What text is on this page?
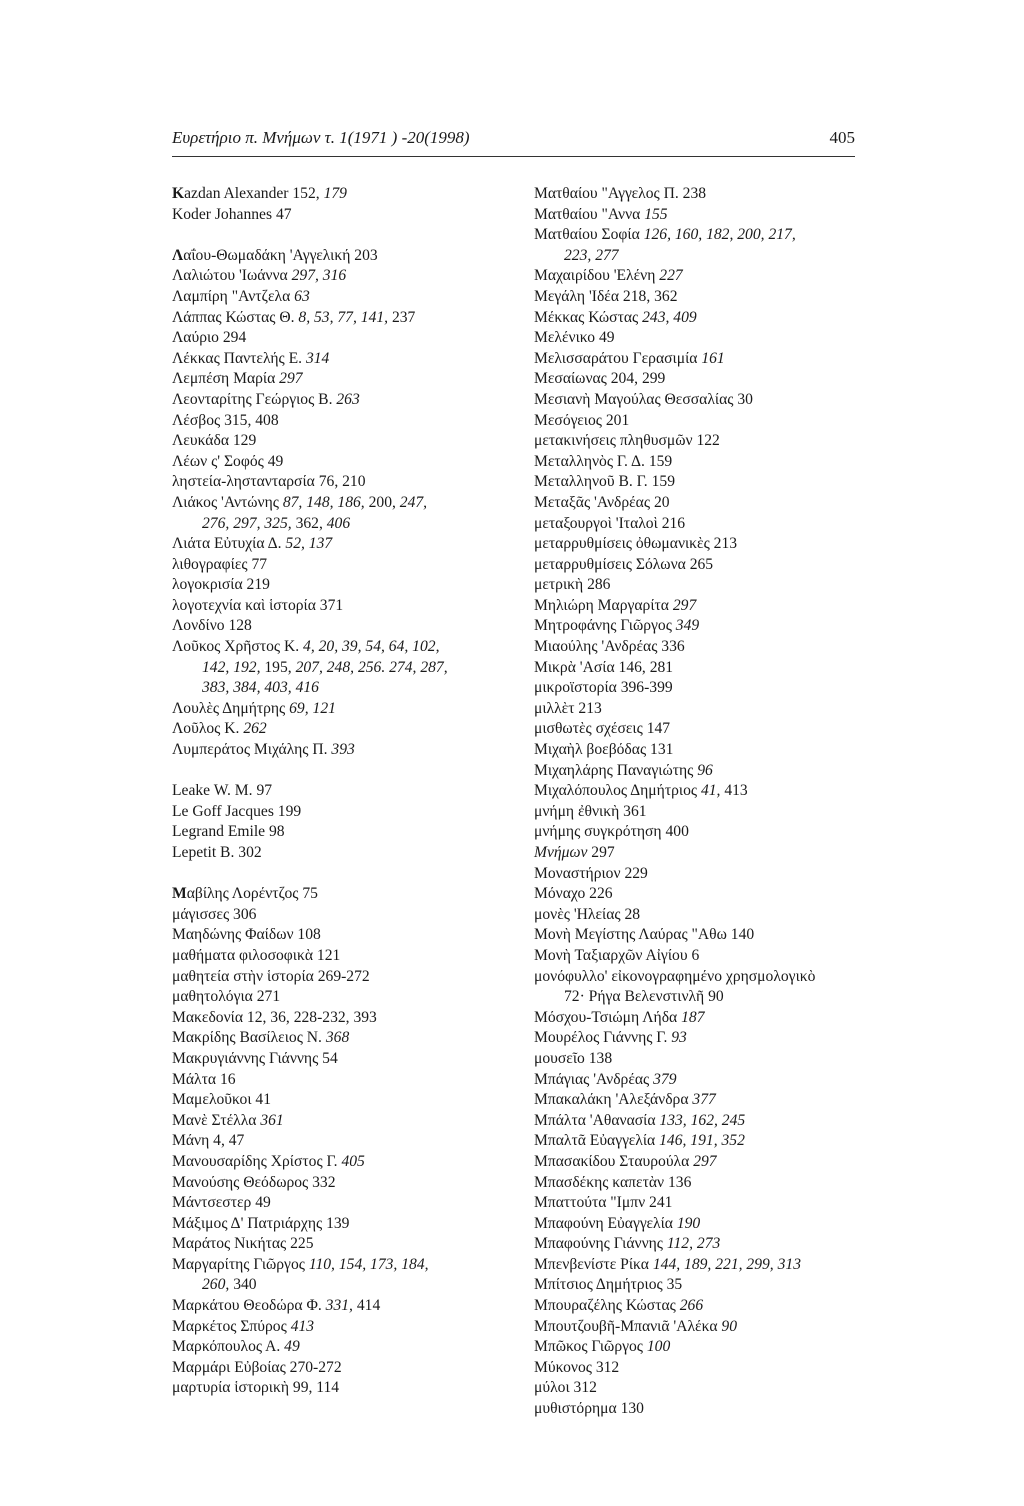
Ευρετήριο π. Μνήμων τ. 1(1971 ) -20(1998)	405
Kazdan Alexander 152, 179
Koder Johannes 47
Λαΐου-Θωμαδάκη 'Αγγελική 203
Λαλιώτου 'Ιωάννα 297, 316
Λαμπίρη "Αντζελα 63
Λάππας Κώστας Θ. 8, 53, 77, 141, 237
Λαύριο 294
Λέκκας Παντελής Ε. 314
Λεμπέση Μαρία 297
Λεονταρίτης Γεώργιος Β. 263
Λέσβος 315, 408
Λευκάδα 129
Λέων ς' Σοφός 49
ληστεία-ληστανταρσία 76, 210
Λιάκος 'Αντώνης 87, 148, 186, 200, 247,
276, 297, 325, 362, 406
Λιάτα Εὐτυχία Δ. 52, 137
λιθογραφίες 77
λογοκρισία 219
λογοτεχνία καὶ ἱστορία 371
Λονδίνο 128
Λοῦκος Χρῆστος Κ. 4, 20, 39, 54, 64, 102,
142, 192, 195, 207, 248, 256. 274, 287,
383, 384, 403, 416
Λουλὲς Δημήτρης 69, 121
Λοῦλος Κ. 262
Λυμπεράτος Μιχάλης Π. 393
Leake W. M. 97
Le Goff Jacques 199
Legrand Emile 98
Lepetit B. 302
Μαβίλης Λορέντζος 75
μάγισσες 306
Μαηδώνης Φαίδων 108
μαθήματα φιλοσοφικὰ 121
μαθητεία στὴν ἱστορία 269-272
μαθητολόγια 271
Μακεδονία 12, 36, 228-232, 393
Μακρίδης Βασίλειος Ν. 368
Μακρυγιάννης Γιάννης 54
Μάλτα 16
Μαμελοῦκοι 41
Μανὲ Στέλλα 361
Μάνη 4, 47
Μανουσαρίδης Χρίστος Γ. 405
Μανούσης Θεόδωρος 332
Μάντσεστερ 49
Μάξιμος Δ' Πατριάρχης 139
Μαράτος Νικήτας 225
Μαργαρίτης Γιῶργος 110, 154, 173, 184,
260, 340
Μαρκάτου Θεοδώρα Φ. 331, 414
Μαρκέτος Σπύρος 413
Μαρκόπουλος Α. 49
Μαρμάρι Εὐβοίας 270-272
μαρτυρία ἱστορικὴ 99, 114
Ματθαίου "Αγγελος Π. 238
Ματθαίου "Αννα 155
Ματθαίου Σοφία 126, 160, 182, 200, 217,
223, 277
Μαχαιρίδου 'Ελένη 227
Μεγάλη 'Ιδέα 218, 362
Μέκκας Κώστας 243, 409
Μελένικο 49
Μελισσαράτου Γερασιμία 161
Μεσαίωνας 204, 299
Μεσιανὴ Μαγούλας Θεσσαλίας 30
Μεσόγειος 201
μετακινήσεις πληθυσμῶν 122
Μεταλληνὸς Γ. Δ. 159
Μεταλληνοῦ Β. Γ. 159
Μεταξᾶς 'Ανδρέας 20
μεταξουργοὶ 'Ιταλοὶ 216
μεταρρυθμίσεις ὀθωμανικὲς 213
μεταρρυθμίσεις Σόλωνα 265
μετρικὴ 286
Μηλιώρη Μαργαρίτα 297
Μητροφάνης Γιῶργος 349
Μιαούλης 'Ανδρέας 336
Μικρὰ 'Ασία 146, 281
μικροϊστορία 396-399
μιλλὲτ 213
μισθωτὲς σχέσεις 147
Μιχαὴλ βοεβόδας 131
Μιχαηλάρης Παναγιώτης 96
Μιχαλόπουλος Δημήτριος 41, 413
μνήμη ἐθνικὴ 361
μνήμης συγκρότηση 400
Μνήμων 297
Μοναστήριον 229
Μόναχο 226
μονὲς 'Ηλείας 28
Μονὴ Μεγίστης Λαύρας "Αθω 140
Μονὴ Ταξιαρχῶν Αἰγίου 6
μονόφυλλο' εἰκονογραφημένο χρησμολογικὸ
72· Ρήγα Βελενστινλῆ 90
Μόσχου-Τσιώμη Λήδα 187
Μουρέλος Γιάννης Γ. 93
μουσεῖο 138
Μπάγιας 'Ανδρέας 379
Μπακαλάκη 'Αλεξάνδρα 377
Μπάλτα 'Αθανασία 133, 162, 245
Μπαλτᾶ Εὐαγγελία 146, 191, 352
Μπασακίδου Σταυρούλα 297
Μπασδέκης καπετὰν 136
Μπαττούτα "Ιμπν 241
Μπαφούνη Εὐαγγελία 190
Μπαφούνης Γιάννης 112, 273
Μπενβενίστε Ρίκα 144, 189, 221, 299, 313
Μπίτσιος Δημήτριος 35
Μπουραζέλης Κώστας 266
Μπουτζουβῆ-Μπανιᾶ 'Αλέκα 90
Μπῶκος Γιῶργος 100
Μύκονος 312
μύλοι 312
μυθιστόρημα 130
